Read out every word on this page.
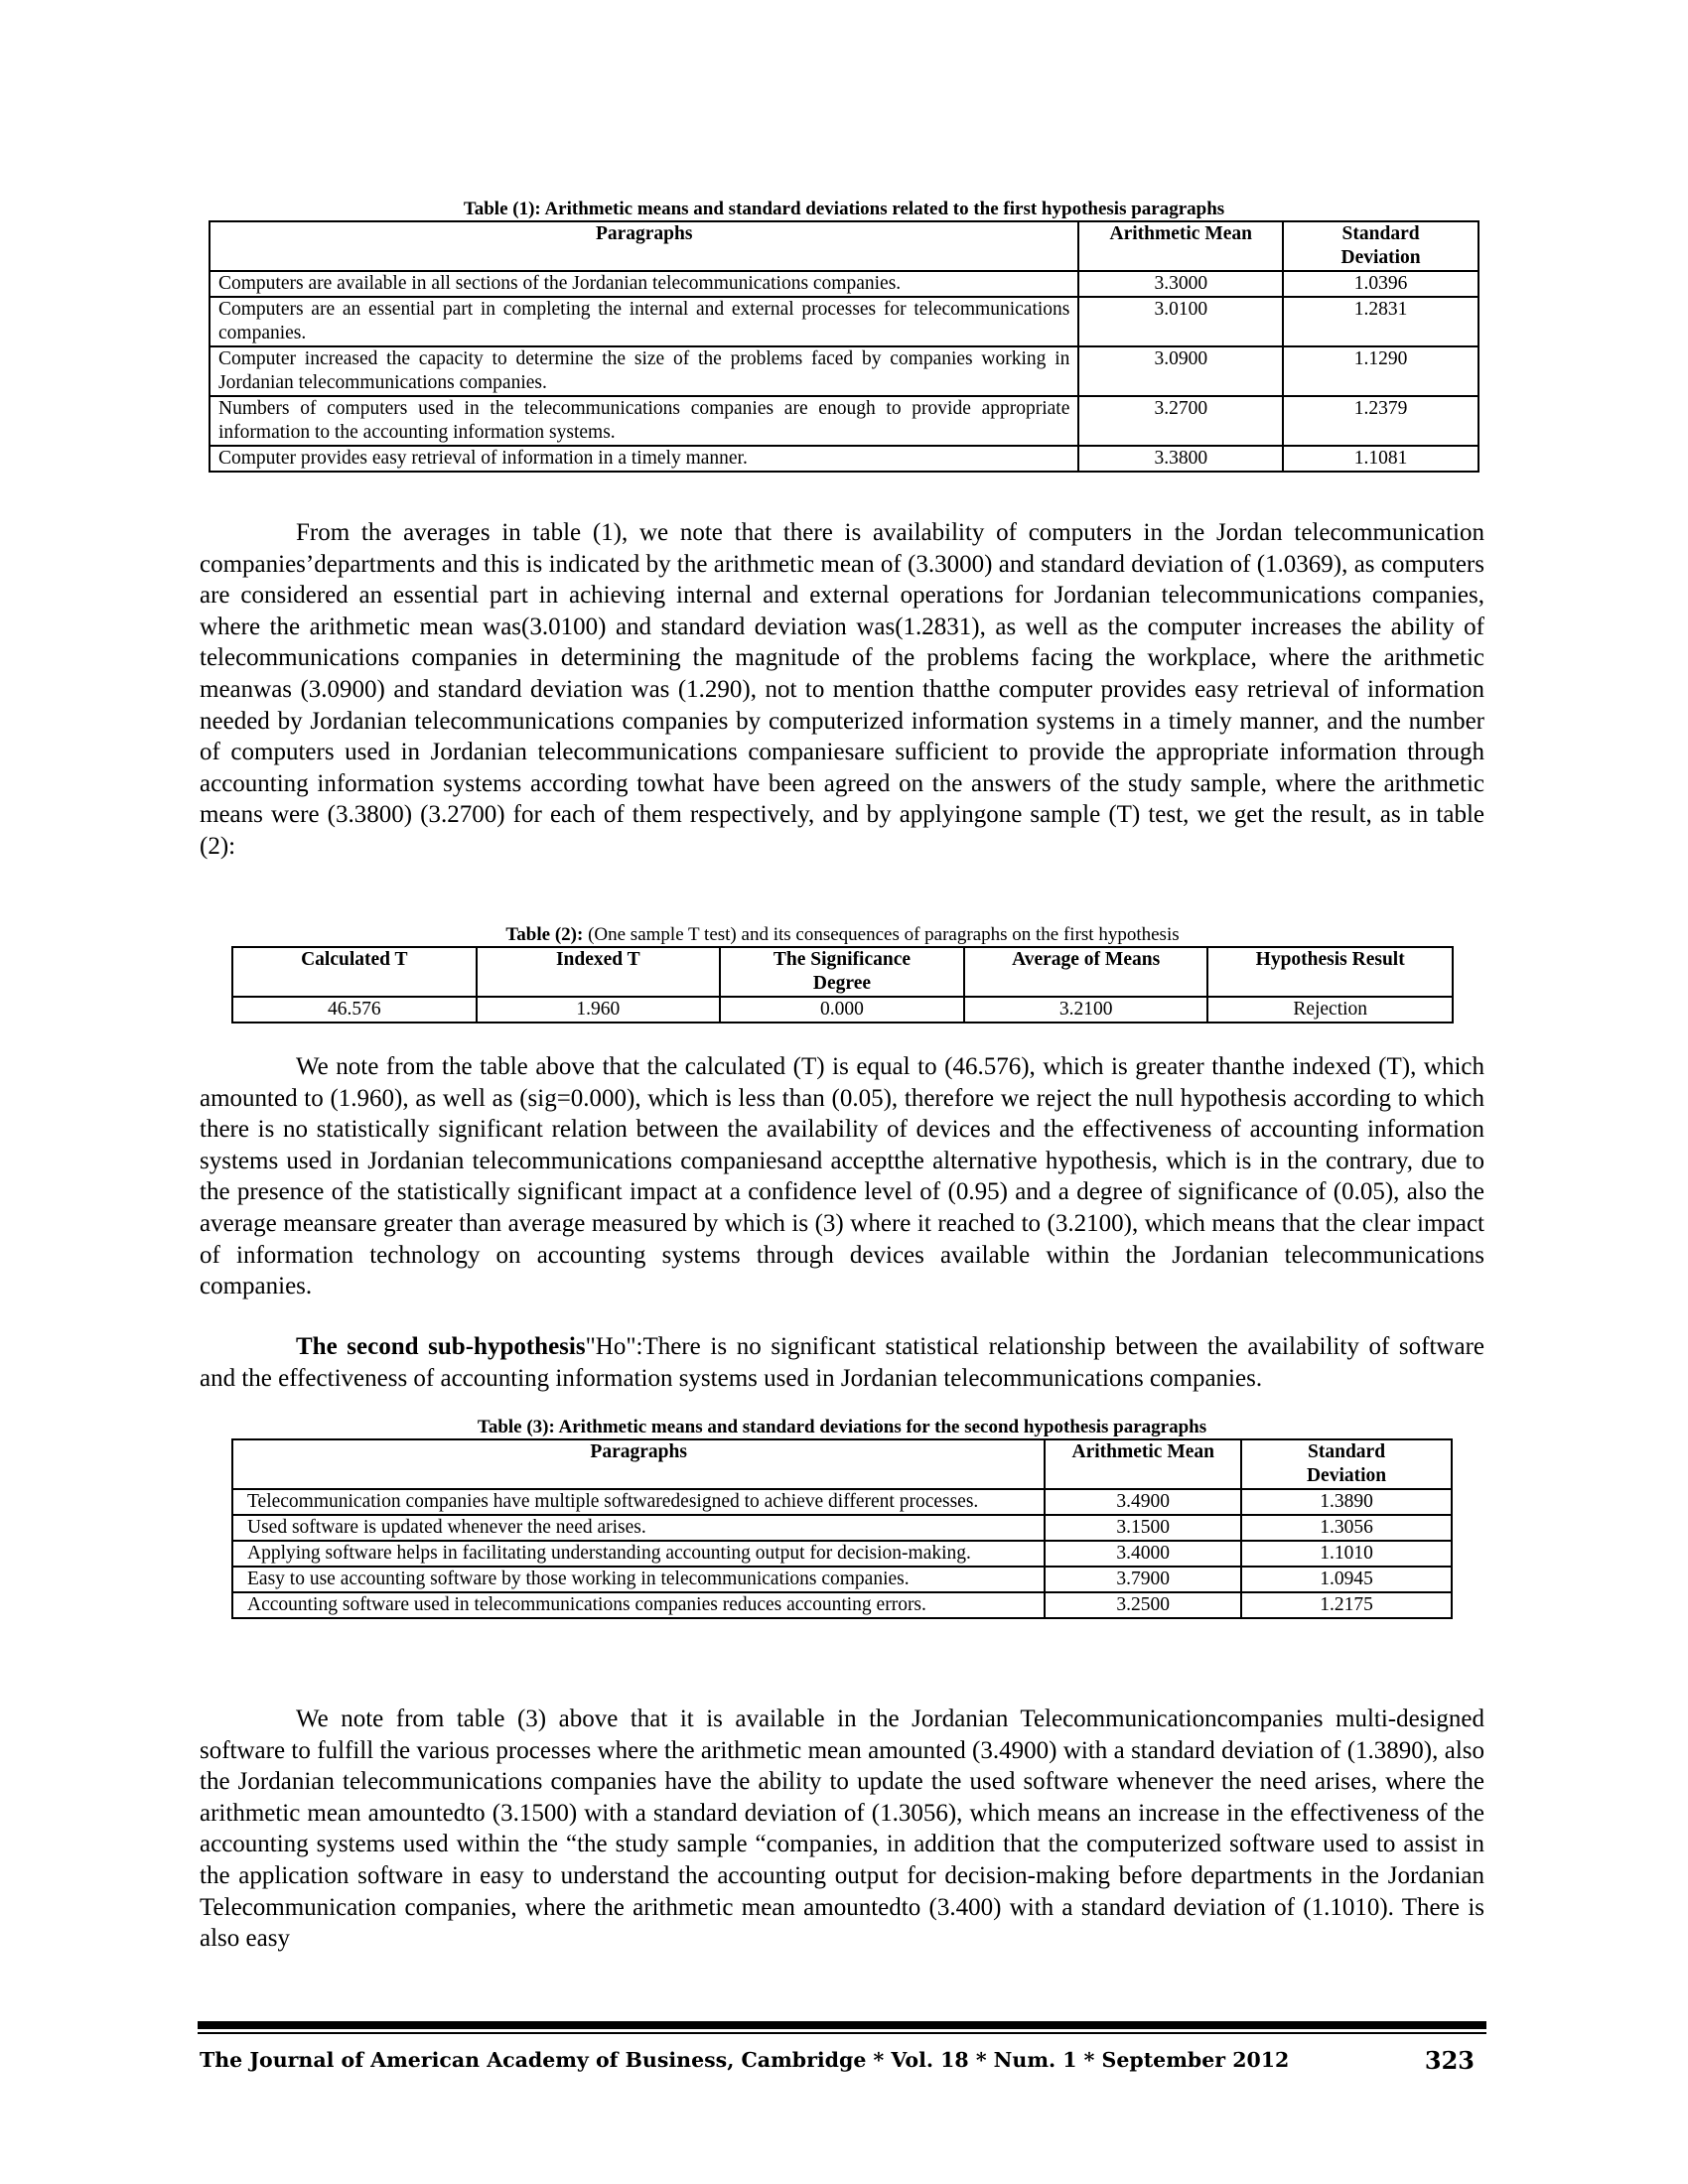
Table (1): Arithmetic means and standard deviations related to the first hypothesis paragraphs
Paragraphs	Arithmetic Mean	Standard Deviation
Computers are available in all sections of the Jordanian telecommunications companies.	3.3000	1.0396
Computers are an essential part in completing the internal and external processes for telecommunications companies.	3.0100	1.2831
Computer increased the capacity to determine the size of the problems faced by companies working in Jordanian telecommunications companies.	3.0900	1.1290
Numbers of computers used in the telecommunications companies are enough to provide appropriate information to the accounting information systems.	3.2700	1.2379
Computer provides easy retrieval of information in a timely manner.	3.3800	1.1081
From the averages in table (1), we note that there is availability of computers in the Jordan telecommunication companies’departments and this is indicated by the arithmetic mean of (3.3000) and standard deviation of (1.0369), as computers are considered an essential part in achieving internal and external operations for Jordanian telecommunications companies, where the arithmetic mean was(3.0100) and standard deviation was(1.2831), as well as the computer increases the ability of telecommunications companies in determining the magnitude of the problems facing the workplace, where the arithmetic meanwas (3.0900) and standard deviation was (1.290), not to mention thatthe computer provides easy retrieval of information needed by Jordanian telecommunications companies by computerized information systems in a timely manner, and the number of computers used in Jordanian telecommunications companiesare sufficient to provide the appropriate information through accounting information systems according towhat have been agreed on the answers of the study sample, where the arithmetic means were (3.3800) (3.2700) for each of them respectively, and by applyingone sample (T) test, we get the result, as in table (2):
Table (2): (One sample T test) and its consequences of paragraphs on the first hypothesis
Calculated T	Indexed T	The Significance Degree	Average of Means	Hypothesis Result
46.576	1.960	0.000	3.2100	Rejection
We note from the table above that the calculated (T) is equal to (46.576), which is greater thanthe indexed (T), which amounted to (1.960), as well as (sig=0.000), which is less than (0.05), therefore we reject the null hypothesis according to which there is no statistically significant relation between the availability of devices and the effectiveness of accounting information systems used in Jordanian telecommunications companiesand acceptthe alternative hypothesis, which is in the contrary, due to the presence of the statistically significant impact at a confidence level of (0.95) and a degree of significance of (0.05), also the average meansare greater than average measured by which is (3) where it reached to (3.2100), which means that the clear impact of information technology on accounting systems through devices available within the Jordanian telecommunications companies.
The second sub-hypothesis"Ho":There is no significant statistical relationship between the availability of software and the effectiveness of accounting information systems used in Jordanian telecommunications companies.
Table (3): Arithmetic means and standard deviations for the second hypothesis paragraphs
Paragraphs	Arithmetic Mean	Standard Deviation
Telecommunication companies have multiple softwaredesigned to achieve different processes.	3.4900	1.3890
Used software is updated whenever the need arises.	3.1500	1.3056
Applying software helps in facilitating understanding accounting output for decision-making.	3.4000	1.1010
Easy to use accounting software by those working in telecommunications companies.	3.7900	1.0945
Accounting software used in telecommunications companies reduces accounting errors.	3.2500	1.2175
We note from table (3) above that it is available in the Jordanian Telecommunicationcompanies multi-designed software to fulfill the various processes where the arithmetic mean amounted (3.4900) with a standard deviation of (1.3890), also the Jordanian telecommunications companies have the ability to update the used software whenever the need arises, where the arithmetic mean amountedto (3.1500) with a standard deviation of (1.3056), which means an increase in the effectiveness of the accounting systems used within the “the study sample “companies, in addition that the computerized software used to assist in the application software in easy to understand the accounting output for decision-making before departments in the Jordanian Telecommunication companies, where the arithmetic mean amountedto (3.400) with a standard deviation of (1.1010). There is also easy
The Journal of American Academy of Business, Cambridge * Vol. 18 * Num. 1 * September 2012	323
